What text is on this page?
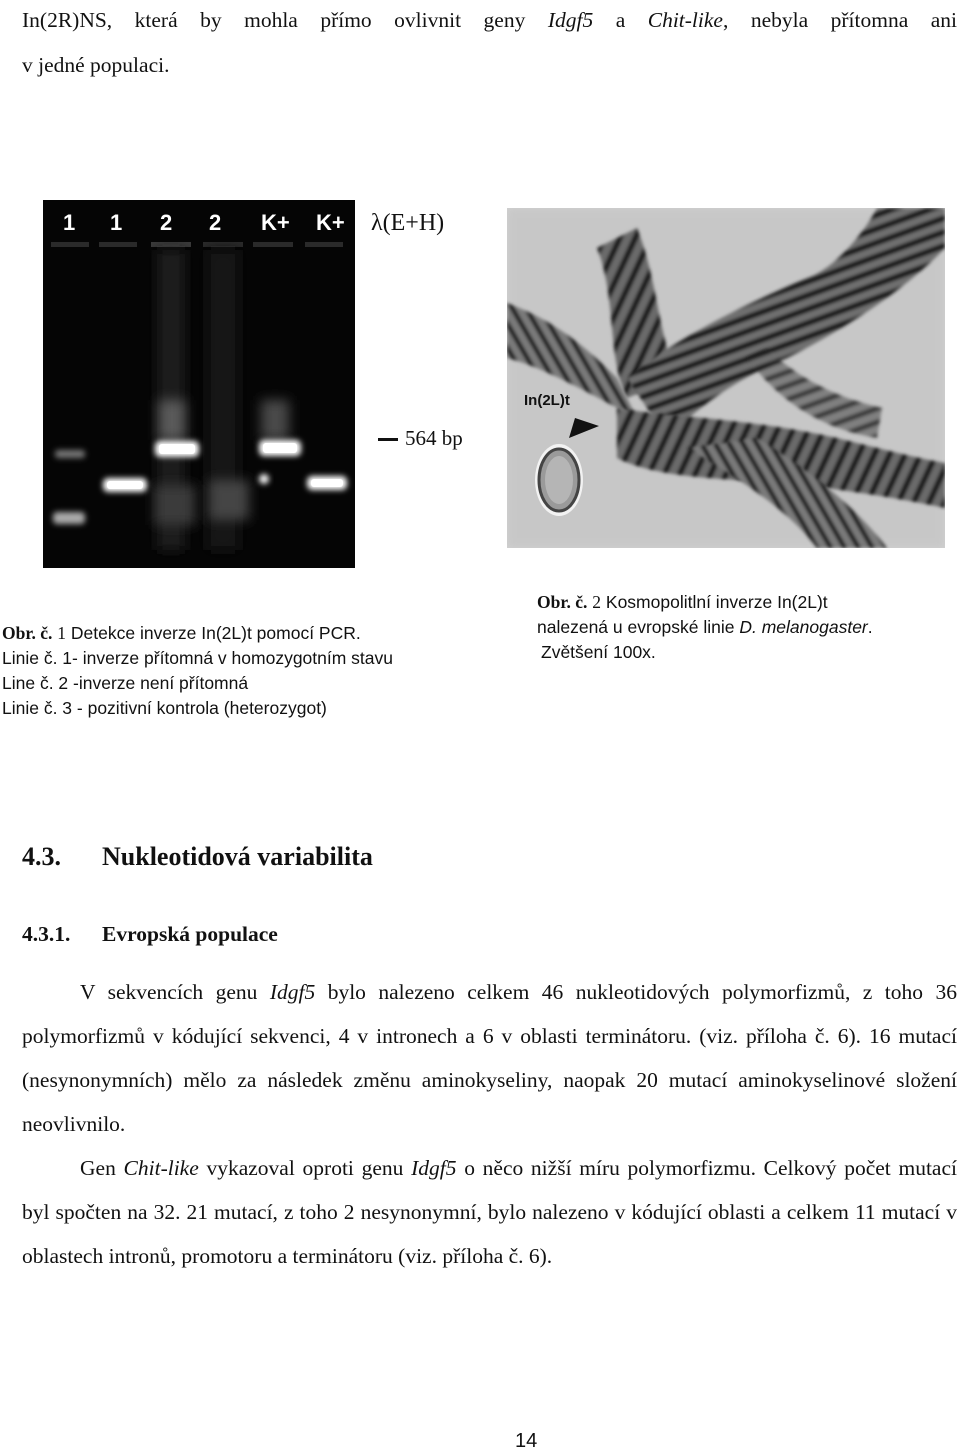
In(2R)NS, která by mohla přímo ovlivnit geny Idgf5 a Chit-like, nebyla přítomna ani
v jedné populaci.
1 1 2 2 K+ K+ λ(E+H)
564 bp
In(2L)t
Obr. č. 1 Detekce inverze In(2L)t pomocí PCR.
Linie č. 1- inverze přítomná v homozygotním stavu
Line č. 2 -inverze není přítomná
Linie č. 3 - pozitivní kontrola (heterozygot)
Obr. č. 2 Kosmopolitlní inverze In(2L)t
nalezená u evropské linie D. melanogaster.
Zvětšení 100x.
4.3. Nukleotidová variabilita
4.3.1. Evropská populace

V sekvencích genu Idgf5 bylo nalezeno celkem 46 nukleotidových polymorfizmů, z toho 36 polymorfizmů v kódující sekvenci, 4 v intronech a 6 v oblasti terminátoru. (viz. příloha č. 6). 16 mutací (nesynonymních) mělo za následek změnu aminokyseliny, naopak 20 mutací aminokyselinové složení neovlivnilo.

Gen Chit-like vykazoval oproti genu Idgf5 o něco nižší míru polymorfizmu. Celkový počet mutací byl spočten na 32. 21 mutací, z toho 2 nesynonymní, bylo nalezeno v kódující oblasti a celkem 11 mutací v oblastech intronů, promotoru a terminátoru (viz. příloha č. 6).

14
